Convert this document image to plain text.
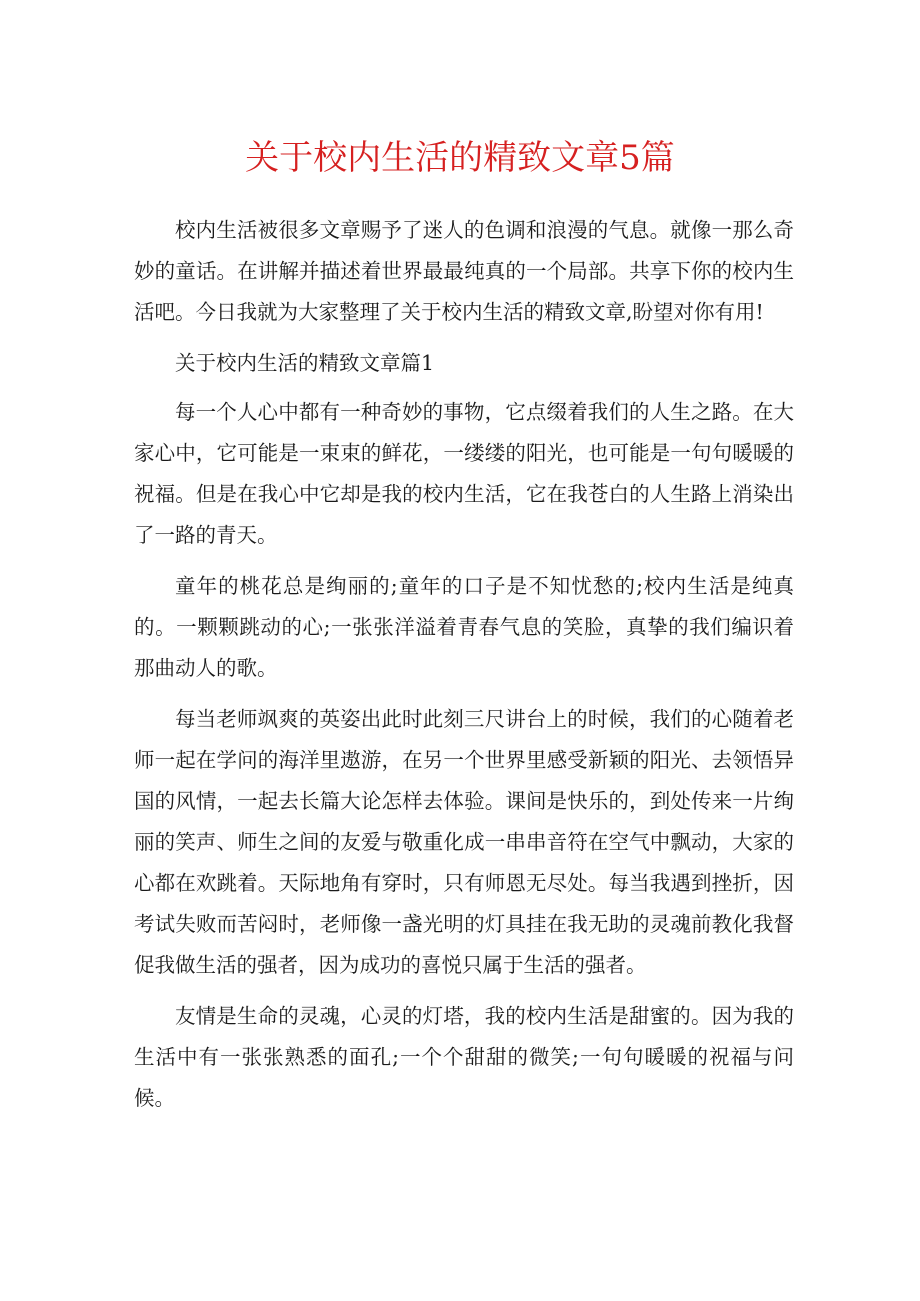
关于校内生活的精致文章5篇

校内生活被很多文章赐予了迷人的色调和浪漫的气息。就像一那么奇妙的童话。在讲解并描述着世界最最纯真的一个局部。共享下你的校内生活吧。今日我就为大家整理了关于校内生活的精致文章,盼望对你有用!

关于校内生活的精致文章篇1

每一个人心中都有一种奇妙的事物，它点缀着我们的人生之路。在大家心中，它可能是一束束的鲜花，一缕缕的阳光，也可能是一句句暖暖的祝福。但是在我心中它却是我的校内生活，它在我苍白的人生路上消染出了一路的青天。

童年的桃花总是绚丽的;童年的口子是不知忧愁的;校内生活是纯真的。一颗颗跳动的心;一张张洋溢着青春气息的笑脸，真挚的我们编识着那曲动人的歌。

每当老师飒爽的英姿出此时此刻三尺讲台上的时候，我们的心随着老师一起在学问的海洋里遨游，在另一个世界里感受新颖的阳光、去领悟异国的风情，一起去长篇大论怎样去体验。课间是快乐的，到处传来一片绚丽的笑声、师生之间的友爱与敬重化成一串串音符在空气中飘动，大家的心都在欢跳着。天际地角有穿时，只有师恩无尽处。每当我遇到挫折，因考试失败而苦闷时，老师像一盏光明的灯具挂在我无助的灵魂前教化我督促我做生活的强者，因为成功的喜悦只属于生活的强者。

友情是生命的灵魂，心灵的灯塔，我的校内生活是甜蜜的。因为我的生活中有一张张熟悉的面孔;一个个甜甜的微笑;一句句暖暖的祝福与问候。
